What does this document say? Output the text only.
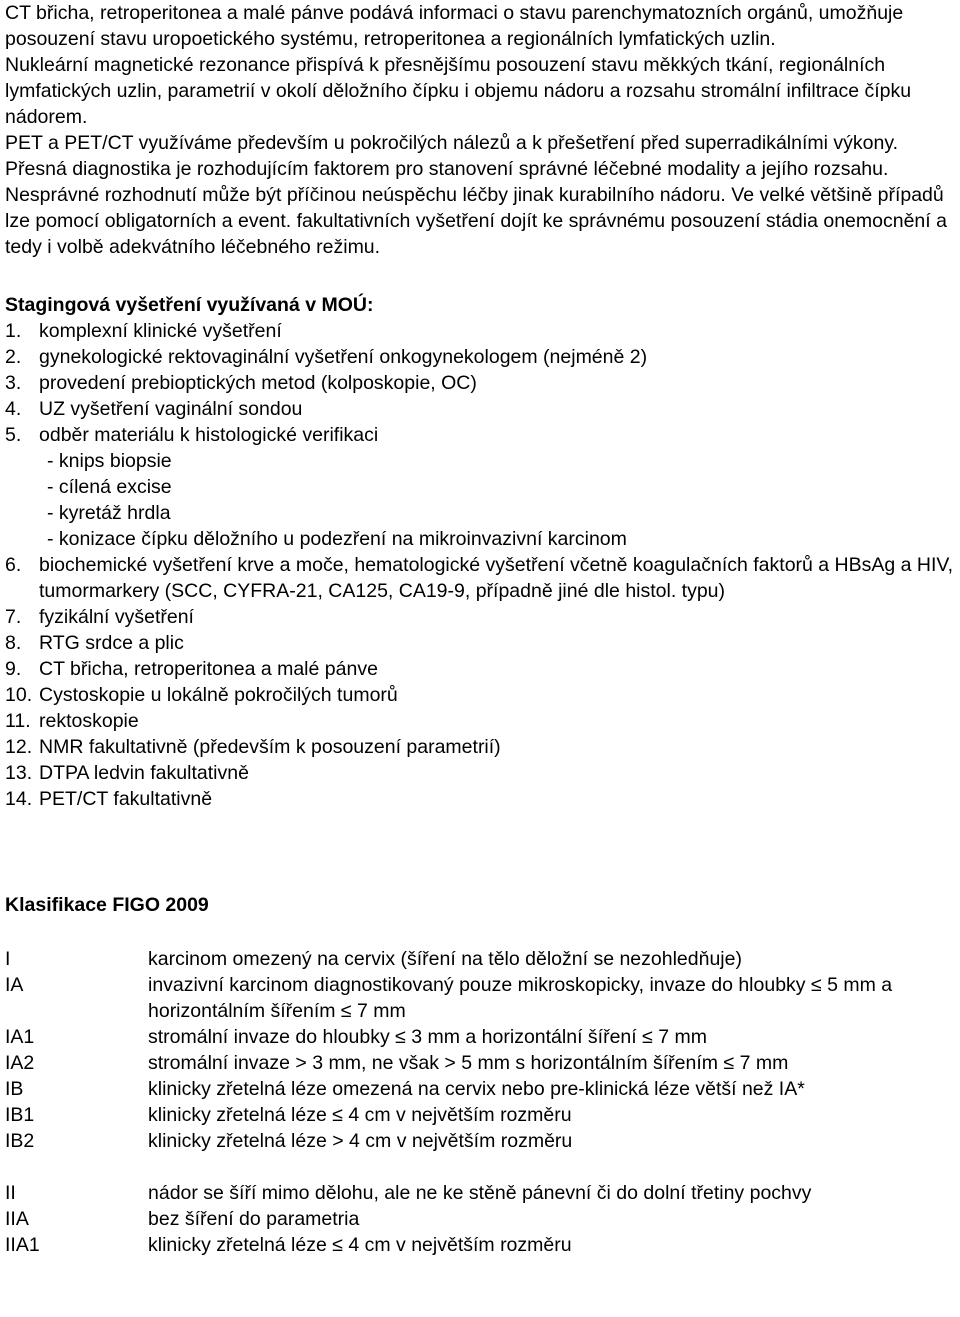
CT břicha, retroperitonea a malé pánve podává informaci o stavu parenchymatozních orgánů, umožňuje posouzení stavu uropoetického systému, retroperitonea a regionálních lymfatických uzlin.

Nukleární magnetické rezonance přispívá k přesnějšímu posouzení stavu měkkých tkání, regionálních lymfatických uzlin, parametrií v okolí děložního čípku i objemu nádoru a rozsahu stromální infiltrace čípku nádorem.

PET a PET/CT využíváme především u pokročilých nálezů a k přešetření před superradikálními výkony.

Přesná diagnostika je rozhodujícím faktorem pro stanovení správné léčebné modality a jejího rozsahu. Nesprávné rozhodnutí může být příčinou neúspěchu léčby jinak kurabilního nádoru. Ve velké většině případů lze pomocí obligatorních a event. fakultativních vyšetření dojít ke správnému posouzení stádia onemocnění a tedy i volbě adekvátního léčebného režimu.

Stagingová vyšetření využívaná v MOÚ:

1. komplexní klinické vyšetření
2. gynekologické rektovaginální vyšetření onkogynekologem (nejméně 2)
3. provedení prebioptických metod (kolposkopie, OC)
4. UZ vyšetření vaginální sondou
5. odběr materiálu k histologické verifikaci
- knips biopsie
- cílená excise
- kyretáž hrdla
- konizace čípku děložního u podezření na mikroinvazivní karcinom
6. biochemické vyšetření krve a moče, hematologické vyšetření včetně koagulačních faktorů a HBsAg a HIV, tumormarkery (SCC, CYFRA-21, CA125, CA19-9, případně jiné dle histol. typu)
7. fyzikální vyšetření
8. RTG srdce a plic
9. CT břicha, retroperitonea a malé pánve
10. Cystoskopie u lokálně pokročilých tumorů
11. rektoskopie
12. NMR fakultativně (především k posouzení parametrií)
13. DTPA ledvin fakultativně
14. PET/CT fakultativně

Klasifikace FIGO 2009

I	karcinom omezený na cervix (šíření na tělo děložní se nezohledňuje)
IA	invazivní karcinom diagnostikovaný pouze mikroskopicky, invaze do hloubky ≤ 5 mm a horizontálním šířením ≤ 7 mm
IA1	stromální invaze do hloubky ≤ 3 mm a horizontální šíření ≤ 7 mm
IA2	stromální invaze > 3 mm, ne však > 5 mm s horizontálním šířením ≤ 7 mm
IB	klinicky zřetelná léze omezená na cervix nebo pre-klinická léze větší než IA*
IB1	klinicky zřetelná léze ≤ 4 cm v největším rozměru
IB2	klinicky zřetelná léze > 4 cm v největším rozměru
II	nádor se šíří mimo dělohu, ale ne ke stěně pánevní či do dolní třetiny pochvy
IIA	bez šíření do parametria
IIA1	klinicky zřetelná léze ≤ 4 cm v největším rozměru
